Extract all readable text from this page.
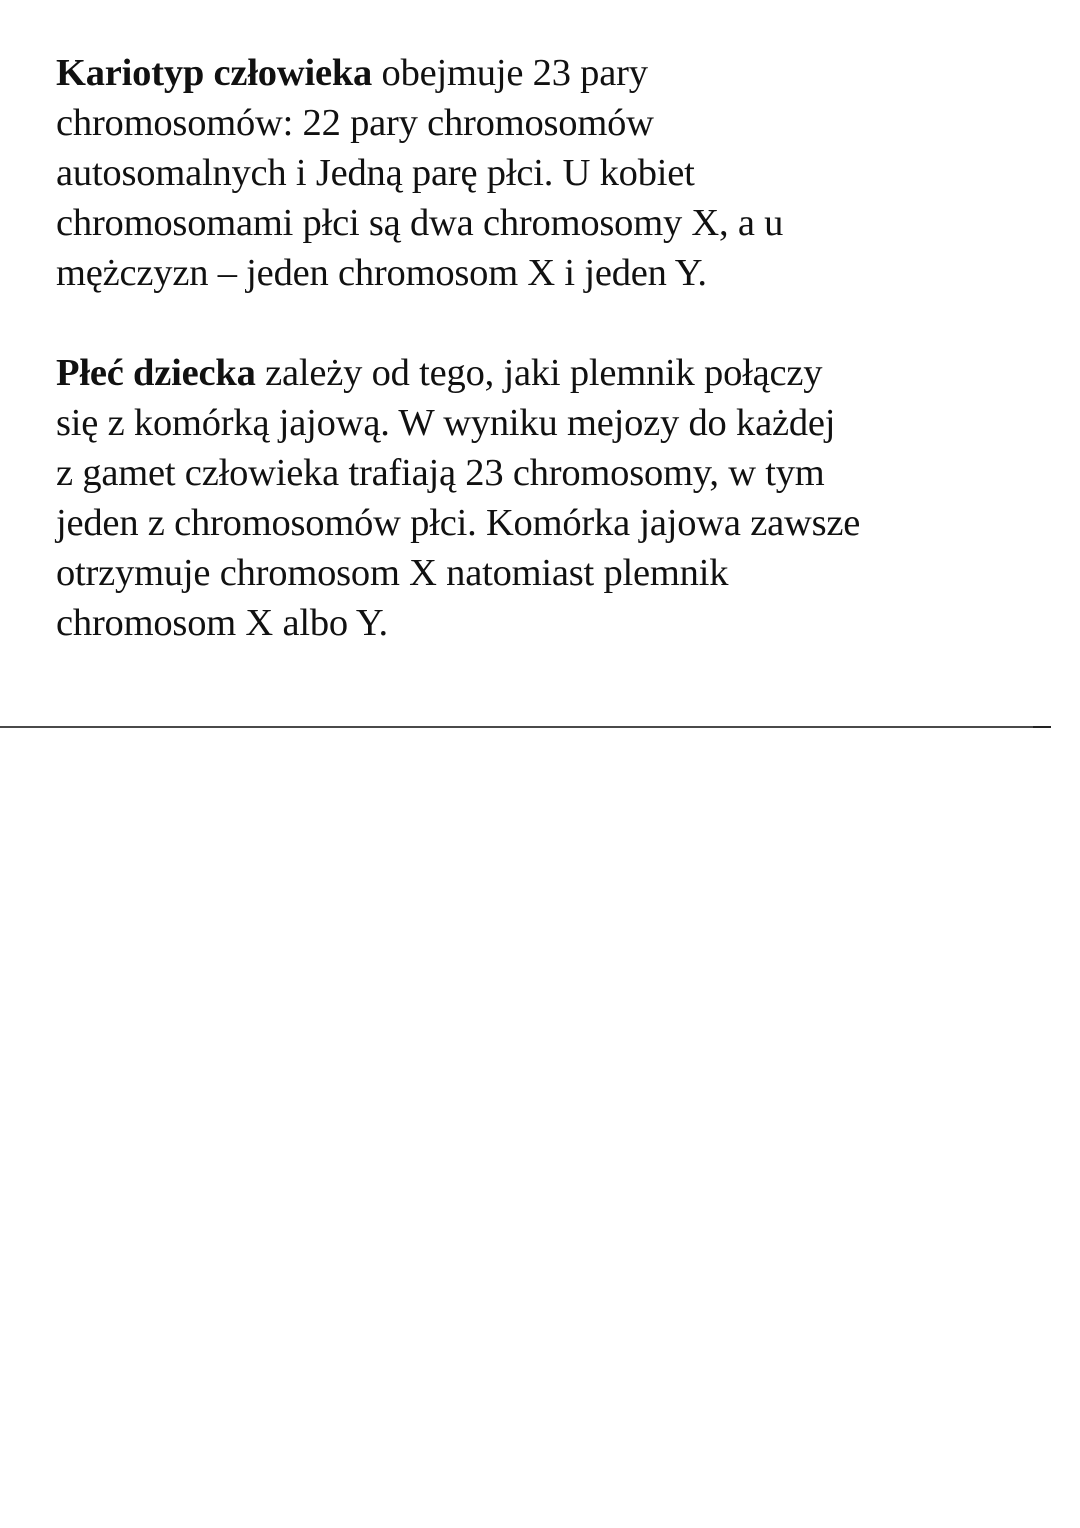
Kariotyp człowieka obejmuje 23 pary
chromosomów: 22 pary chromosomów
autosomalnych i Jedną parę płci. U kobiet
chromosomami płci są dwa chromosomy X, a u
mężczyzn – jeden chromosom X i jeden Y.

Płeć dziecka zależy od tego, jaki plemnik połączy
się z komórką jajową. W wyniku mejozy do każdej
z gamet człowieka trafiają 23 chromosomy, w tym
jeden z chromosomów płci. Komórka jajowa zawsze
otrzymuje chromosom X natomiast plemnik
chromosom X albo Y.
